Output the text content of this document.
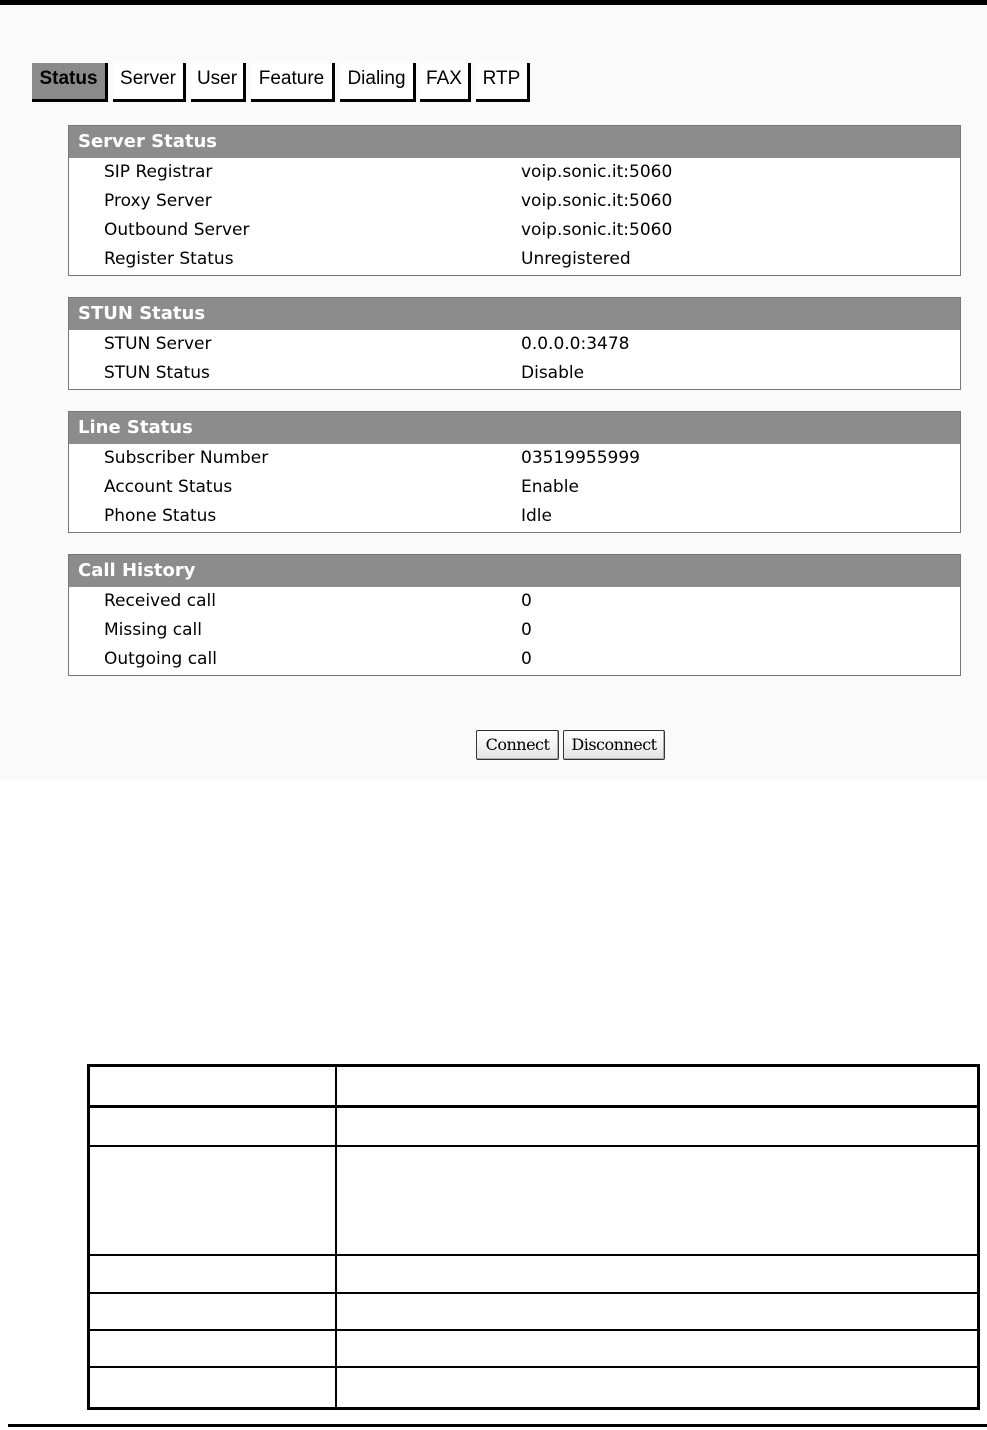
Status	Server	User	Feature	Dialing	FAX	RTP
Server Status
SIP Registrar	voip.sonic.it:5060
Proxy Server	voip.sonic.it:5060
Outbound Server	voip.sonic.it:5060
Register Status	Unregistered
STUN Status
STUN Server	0.0.0.0:3478
STUN Status	Disable
Line Status
Subscriber Number	03519955999
Account Status	Enable
Phone Status	Idle
Call History
Received call	0
Missing call	0
Outgoing call	0
Connect	Disconnect
